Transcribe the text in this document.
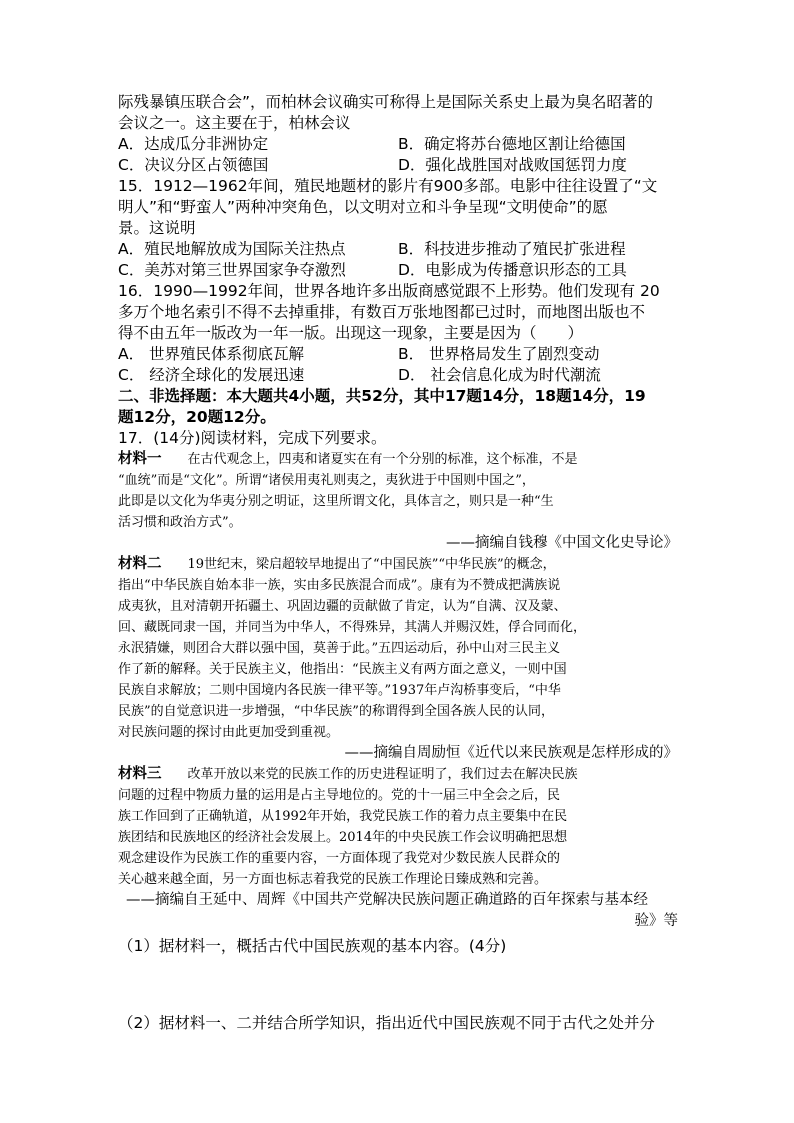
际残暴镇压联合会”，而柏林会议确实可称得上是国际关系史上最为臭名昭著的
会议之一。这主要在于，柏林会议
A．达成瓜分非洲协定	B．确定将苏台德地区割让给德国
C．决议分区占领德国	D．强化战胜国对战败国惩罚力度
15．1912—1962年间，殖民地题材的影片有900多部。电影中往往设置了“文
明人”和“野蛮人”两种冲突角色，以文明对立和斗争呈现“文明使命”的愿
景。这说明
A．殖民地解放成为国际关注热点	B．科技进步推动了殖民扩张进程
C．美苏对第三世界国家争夺激烈	D．电影成为传播意识形态的工具
16．1990—1992年间，世界各地许多出版商感觉跟不上形势。他们发现有 20
多万个地名索引不得不去掉重排，有数百万张地图都已过时，而地图出版也不
得不由五年一版改为一年一版。出现这一现象，主要是因为（　　）
A． 世界殖民体系彻底瓦解	B． 世界格局发生了剧烈变动
C． 经济全球化的发展迅速	D． 社会信息化成为时代潮流
二、非选择题：本大题共4小题，共52分，其中17题14分，18题14分，19
题12分，20题12分。
17．(14分)阅读材料，完成下列要求。
材料一　　在古代观念上，四夷和诸夏实在有一个分别的标准，这个标准，不是
“血统”而是“文化”。所谓“诸侯用夷礼则夷之，夷狄进于中国则中国之”，
此即是以文化为华夷分别之明证，这里所谓文化，具体言之，则只是一种“生
活习惯和政治方式”。
——摘编自钱穆《中国文化史导论》
材料二　　19世纪末，梁启超较早地提出了“中国民族”“中华民族”的概念，
指出“中华民族自始本非一族，实由多民族混合而成”。康有为不赞成把满族说
成夷狄，且对清朝开拓疆土、巩固边疆的贡献做了肯定，认为“自满、汉及蒙、
回、藏既同隶一国，并同当为中华人，不得殊异，其满人并赐汉姓，俘合同而化，
永泯猜嫌，则团合大群以强中国，莫善于此。”五四运动后，孙中山对三民主义
作了新的解释。关于民族主义，他指出：“民族主义有两方面之意义，一则中国
民族自求解放；二则中国境内各民族一律平等。”1937年卢沟桥事变后，“中华
民族”的自觉意识进一步增强，“中华民族”的称谓得到全国各族人民的认同，
对民族问题的探讨由此更加受到重视。
——摘编自周励恒《近代以来民族观是怎样形成的》
材料三　　改革开放以来党的民族工作的历史进程证明了，我们过去在解决民族
问题的过程中物质力量的运用是占主导地位的。党的十一届三中全会之后，民
族工作回到了正确轨道，从1992年开始，我党民族工作的着力点主要集中在民
族团结和民族地区的经济社会发展上。2014年的中央民族工作会议明确把思想
观念建设作为民族工作的重要内容，一方面体现了我党对少数民族人民群众的
关心越来越全面，另一方面也标志着我党的民族工作理论日臻成熟和完善。
——摘编自王延中、周辉《中国共产党解决民族问题正确道路的百年探索与基本经
验》等
（1）据材料一，概括古代中国民族观的基本内容。(4分)
（2）据材料一、二并结合所学知识，指出近代中国民族观不同于古代之处并分
